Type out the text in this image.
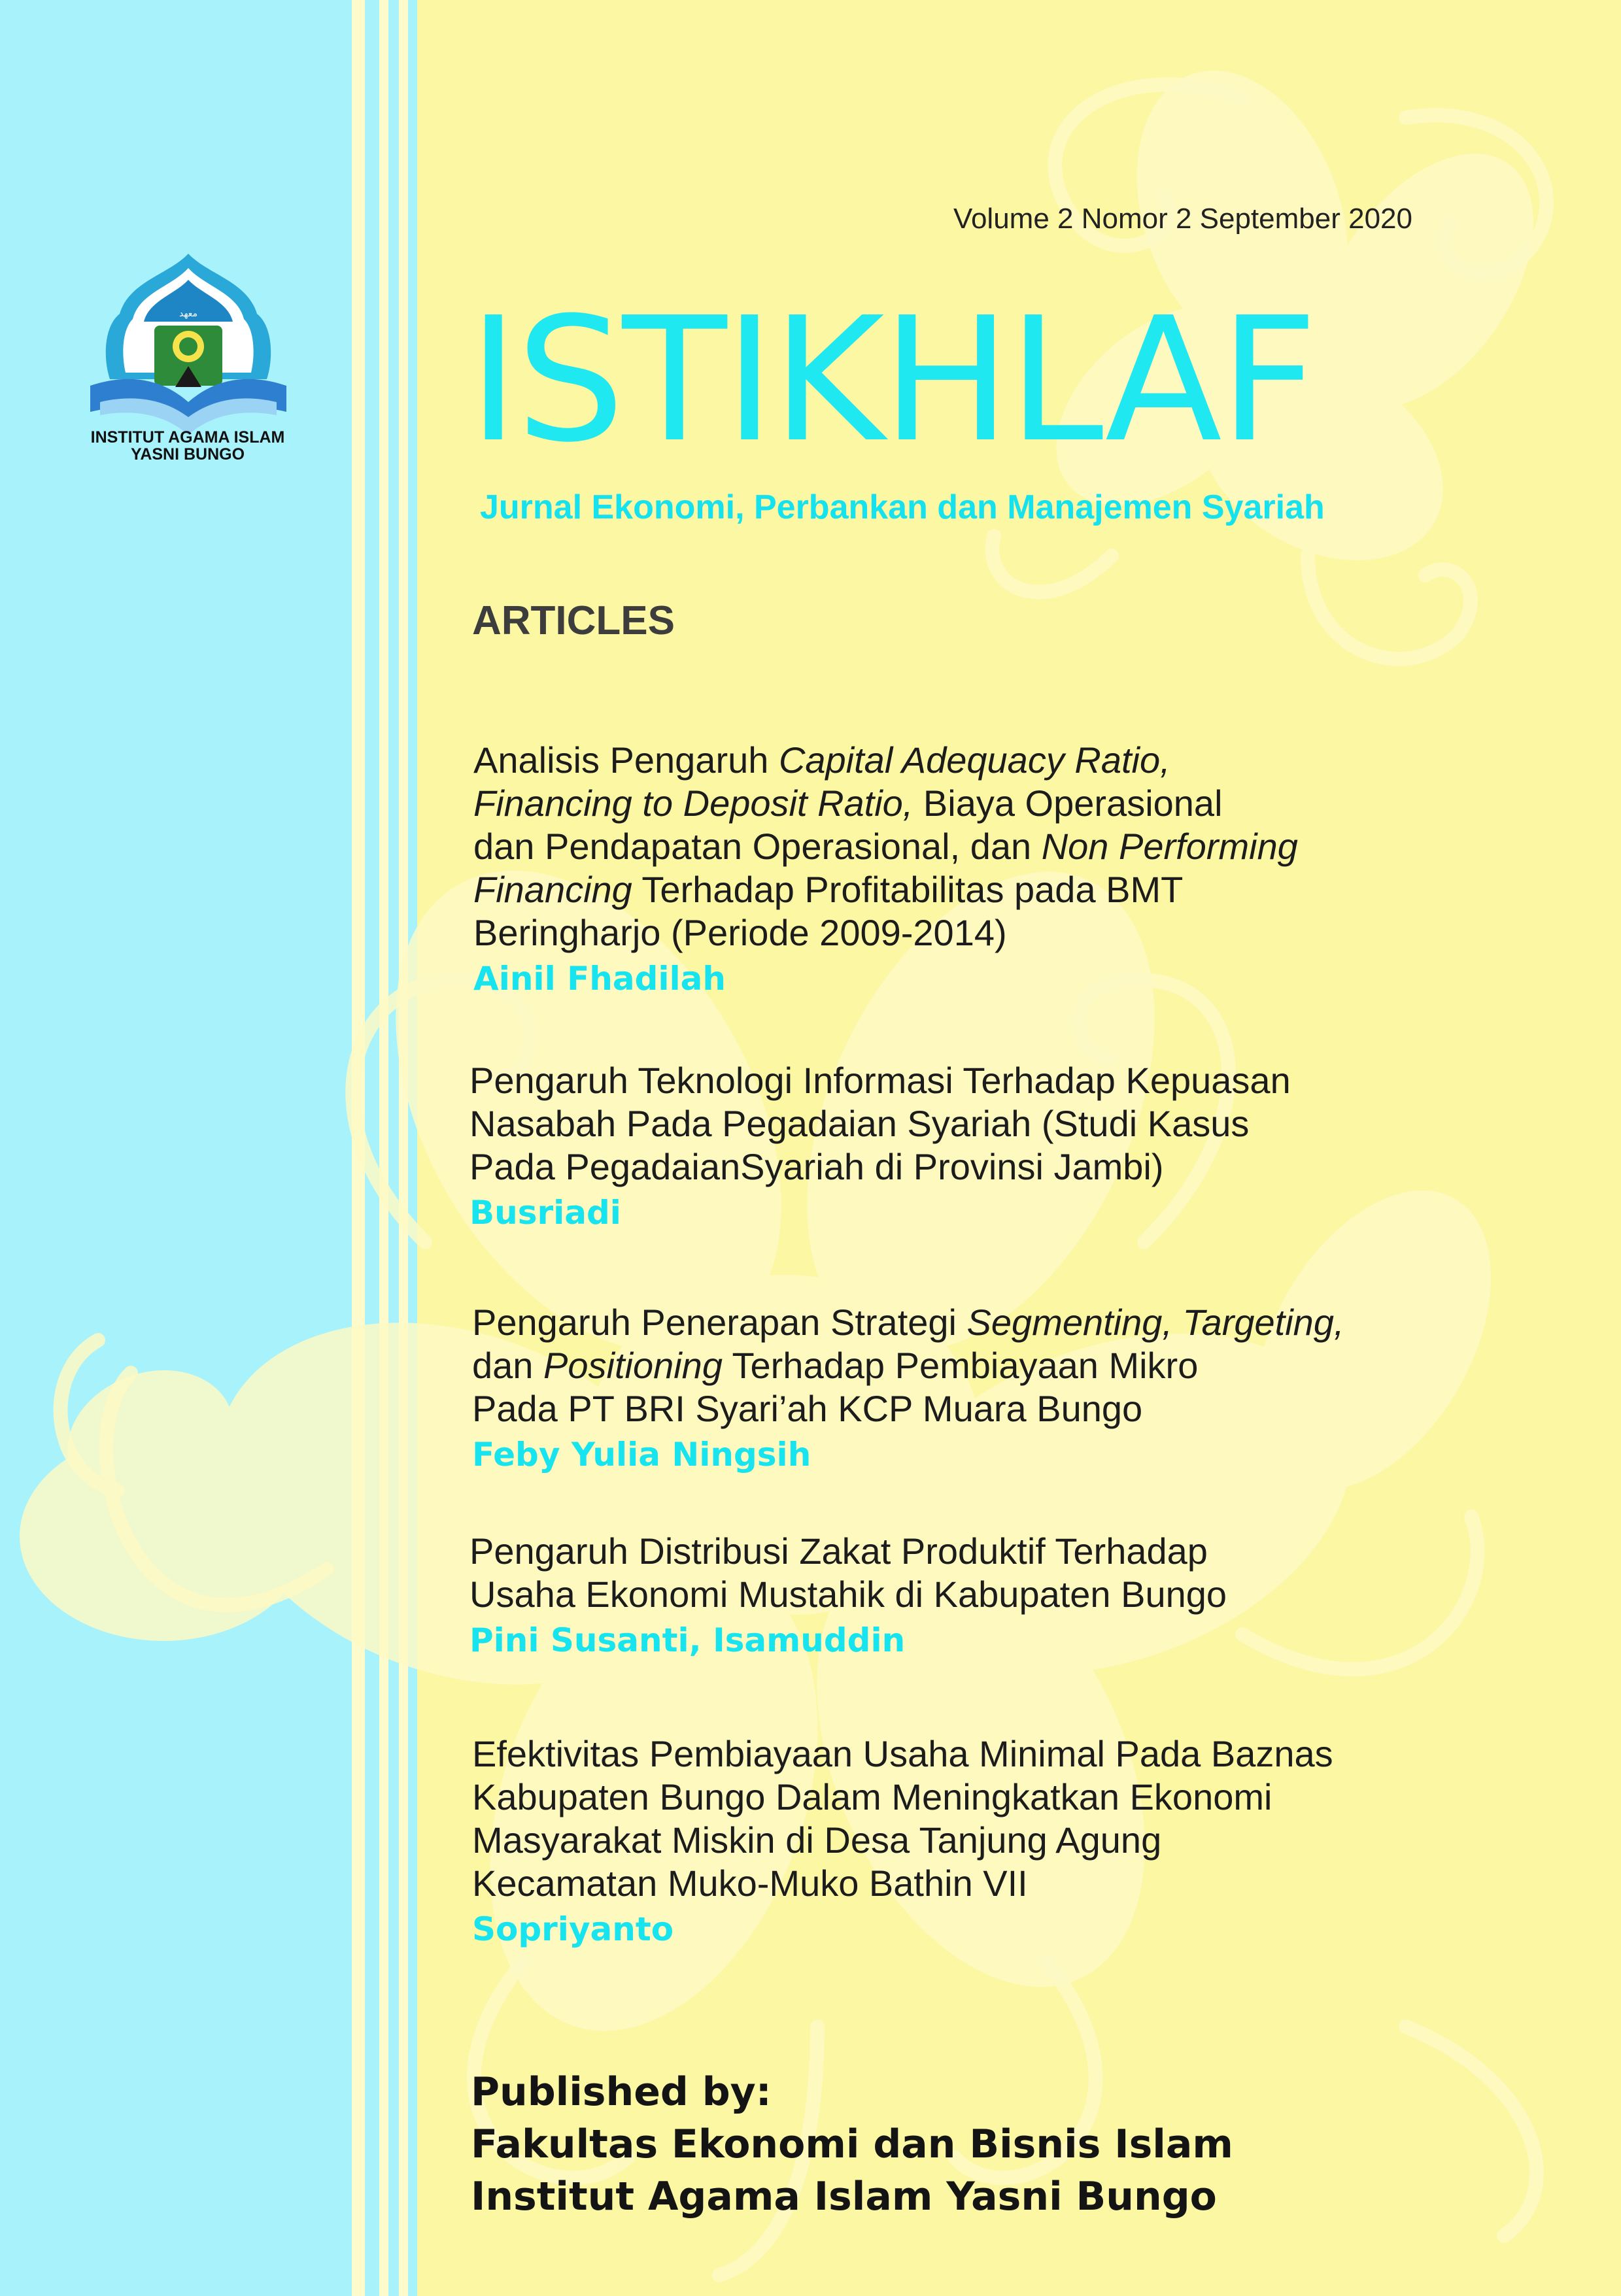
ﻣﻌﻬﺪ
INSTITUT AGAMA ISLAM
YASNI BUNGO
Volume 2 Nomor 2 September 2020
ISTIKHLAF
Jurnal Ekonomi, Perbankan dan Manajemen Syariah
ARTICLES
Analisis Pengaruh Capital Adequacy Ratio,
Financing to Deposit Ratio, Biaya Operasional
dan Pendapatan Operasional, dan Non Performing
Financing Terhadap Profitabilitas pada BMT
Beringharjo (Periode 2009-2014)
Ainil Fhadilah
Pengaruh Teknologi Informasi Terhadap Kepuasan
Nasabah Pada Pegadaian Syariah (Studi Kasus
Pada PegadaianSyariah di Provinsi Jambi)
Busriadi
Pengaruh Penerapan Strategi Segmenting, Targeting,
dan Positioning Terhadap Pembiayaan Mikro
Pada PT BRI Syari’ah KCP Muara Bungo
Feby Yulia Ningsih
Pengaruh Distribusi Zakat Produktif Terhadap
Usaha Ekonomi Mustahik di Kabupaten Bungo
Pini Susanti, Isamuddin
Efektivitas Pembiayaan Usaha Minimal Pada Baznas
Kabupaten Bungo Dalam Meningkatkan Ekonomi
Masyarakat Miskin di Desa Tanjung Agung
Kecamatan Muko-Muko Bathin VII
Sopriyanto
Published by:
Fakultas Ekonomi dan Bisnis Islam
Institut Agama Islam Yasni Bungo
